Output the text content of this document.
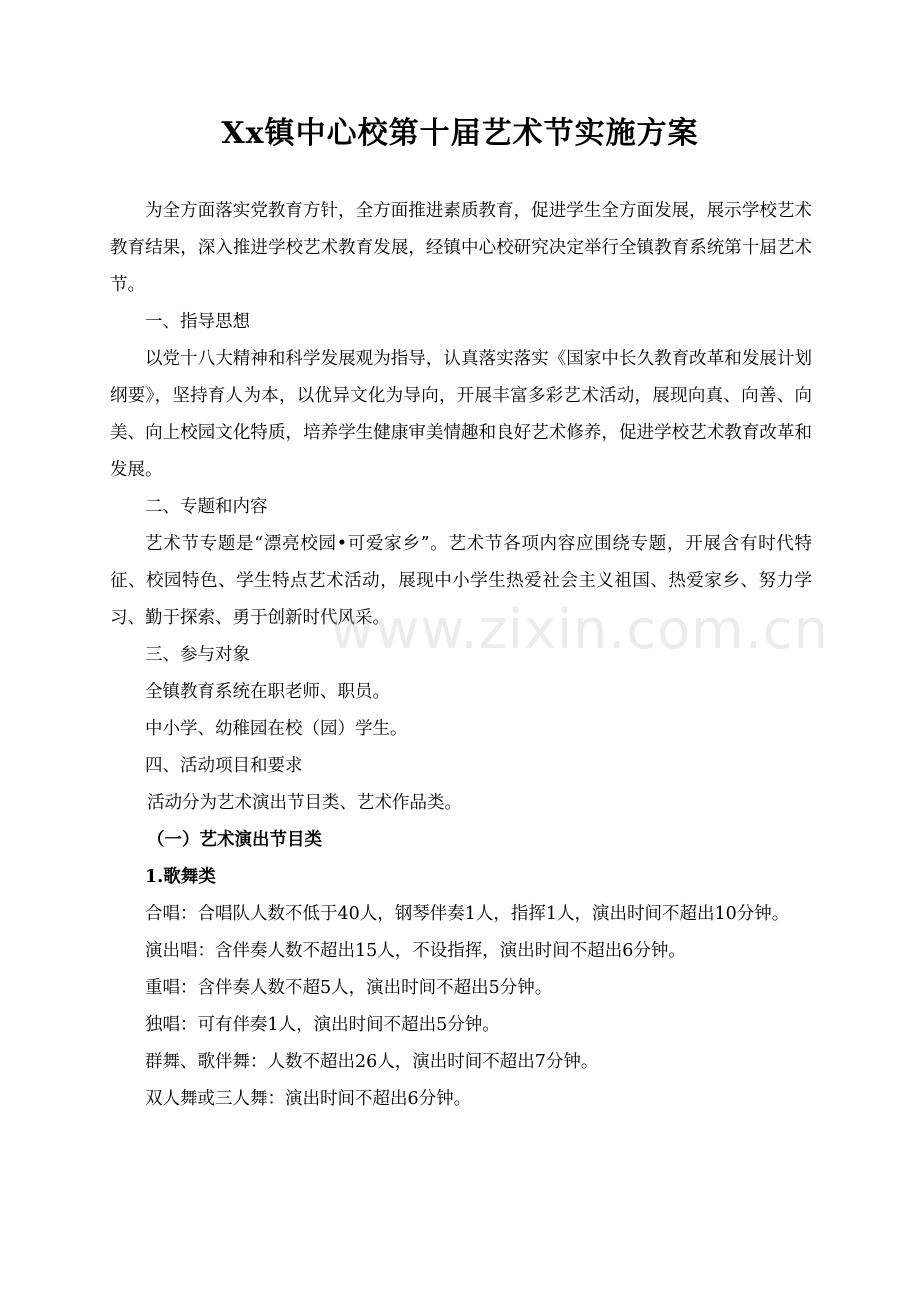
Xx镇中心校第十届艺术节实施方案

为全方面落实党教育方针，全方面推进素质教育，促进学生全方面发展，展示学校艺术教育结果，深入推进学校艺术教育发展，经镇中心校研究决定举行全镇教育系统第十届艺术节。

一、指导思想

以党十八大精神和科学发展观为指导，认真落实落实《国家中长久教育改革和发展计划纲要》，坚持育人为本，以优异文化为导向，开展丰富多彩艺术活动，展现向真、向善、向美、向上校园文化特质，培养学生健康审美情趣和良好艺术修养，促进学校艺术教育改革和发展。

二、专题和内容

艺术节专题是“漂亮校园•可爱家乡”。艺术节各项内容应围绕专题，开展含有时代特征、校园特色、学生特点艺术活动，展现中小学生热爱社会主义祖国、热爱家乡、努力学习、勤于探索、勇于创新时代风采。

三、参与对象

全镇教育系统在职老师、职员。

中小学、幼稚园在校（园）学生。

四、活动项目和要求

活动分为艺术演出节目类、艺术作品类。

（一）艺术演出节目类

1.歌舞类

合唱：合唱队人数不低于40人，钢琴伴奏1人，指挥1人，演出时间不超出10分钟。

演出唱：含伴奏人数不超出15人，不设指挥，演出时间不超出6分钟。

重唱：含伴奏人数不超5人，演出时间不超出5分钟。

独唱：可有伴奏1人，演出时间不超出5分钟。

群舞、歌伴舞：人数不超出26人，演出时间不超出7分钟。

双人舞或三人舞：演出时间不超出6分钟。

www.zixin.com.cn
